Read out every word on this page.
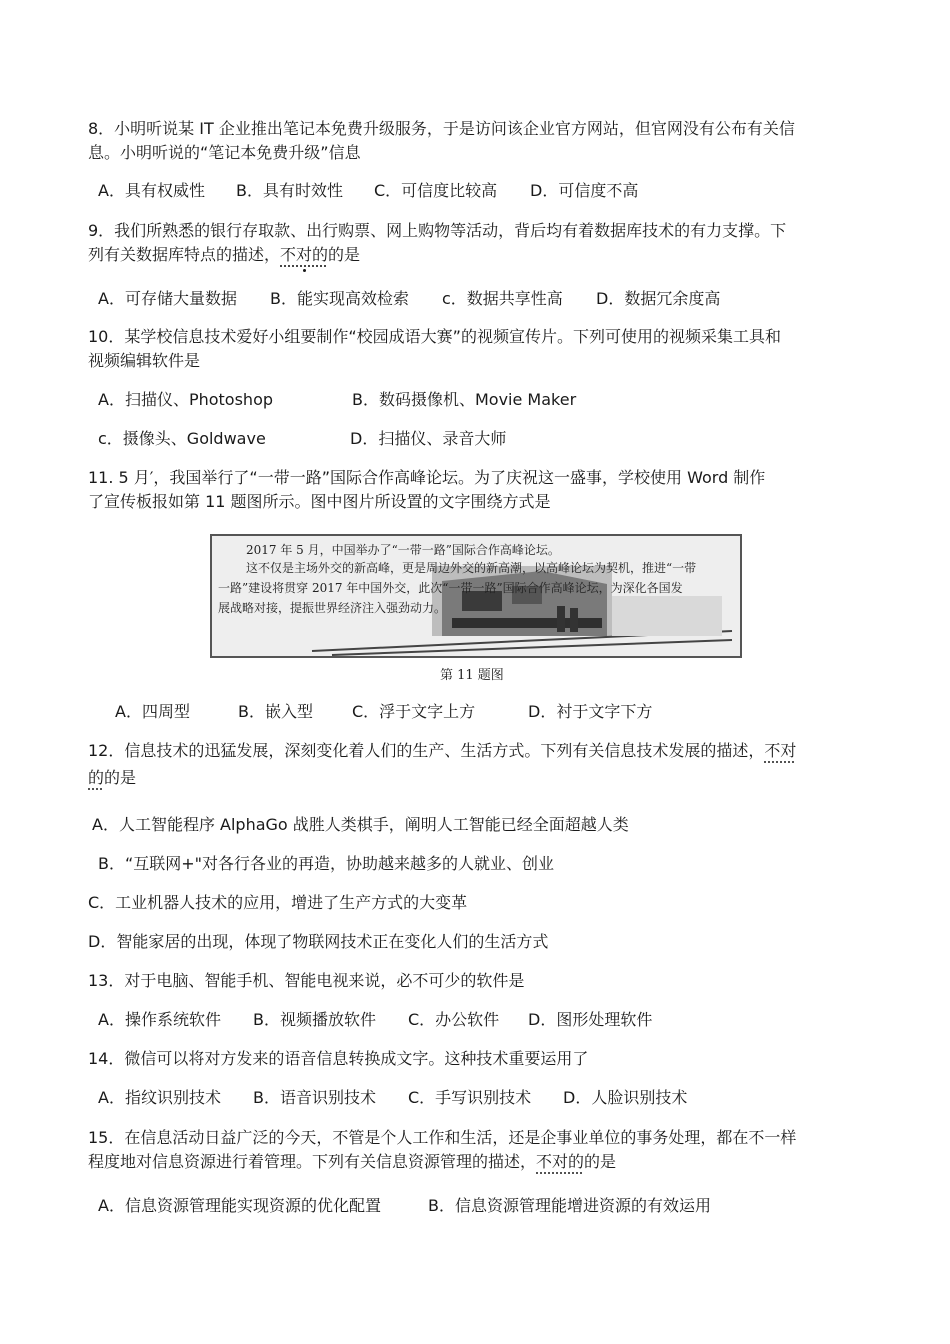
8．小明听说某 IT 企业推出笔记本免费升级服务，于是访问该企业官方网站，但官网没有公布有关信
息。小明听说的“笔记本免费升级”信息
A．具有权威性 B．具有时效性 C．可信度比较高 D．可信度不高
9．我们所熟悉的银行存取款、出行购票、网上购物等活动，背后均有着数据库技术的有力支撑。下
列有关数据库特点的描述，不对的的是
A．可存储大量数据 B．能实现高效检索 c．数据共享性高 D．数据冗余度高
10．某学校信息技术爱好小组要制作“校园成语大赛”的视频宣传片。下列可使用的视频采集工具和
视频编辑软件是
A．扫描仪、Photoshop	B．数码摄像机、Movie Maker
c．摄像头、Goldwave	D．扫描仪、录音大师
11. 5 月′，我国举行了“一带一路”国际合作高峰论坛。为了庆祝这一盛事，学校使用 Word 制作
了宣传板报如第 11 题图所示。图中图片所设置的文字围绕方式是
2017 年 5 月，中国举办了“一带一路”国际合作高峰论坛。
这不仅是主场外交的新高峰，更是周边外交的新高潮，以高峰论坛为契机，推进“一带
一路”建设将贯穿 2017 年中国外交，此次“一带一路”国际合作高峰论坛，为深化各国发
展战略对接，提振世界经济注入强劲动力。
第 11 题图
A．四周型	B．嵌入型 C．浮于文字上方	D．衬于文字下方
12．信息技术的迅猛发展，深刻变化着人们的生产、生活方式。下列有关信息技术发展的描述，不对
的的是
A．人工智能程序 AlphaGo 战胜人类棋手，阐明人工智能已经全面超越人类
B．“互联网+"对各行各业的再造，协助越来越多的人就业、创业
C．工业机器人技术的应用，增进了生产方式的大变革
D．智能家居的出现，体现了物联网技术正在变化人们的生活方式
13．对于电脑、智能手机、智能电视来说，必不可少的软件是
A．操作系统软件 B．视频播放软件 C．办公软件 D．图形处理软件
14．微信可以将对方发来的语音信息转换成文字。这种技术重要运用了
A．指纹识别技术 B．语音识别技术 C．手写识别技术 D．人脸识别技术
15．在信息活动日益广泛的今天，不管是个人工作和生活，还是企事业单位的事务处理，都在不一样
程度地对信息资源进行着管理。下列有关信息资源管理的描述，不对的的是
A．信息资源管理能实现资源的优化配置	B．信息资源管理能增进资源的有效运用
